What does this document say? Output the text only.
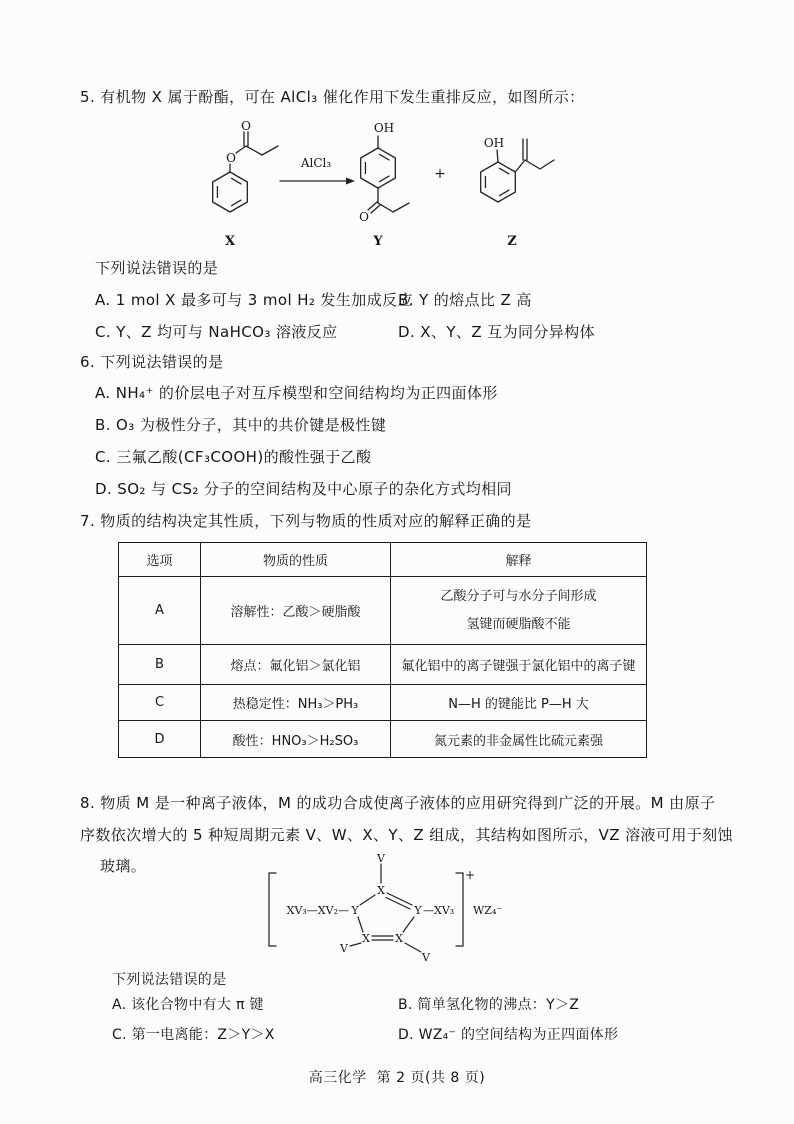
5. 有机物 X 属于酚酯，可在 AlCl₃ 催化作用下发生重排反应，如图所示：
AlCl₃
+
O
O	OH
O
OH
X	Y	Z
下列说法错误的是
A. 1 mol X 最多可与 3 mol H₂ 发生加成反应
B. Y 的熔点比 Z 高
C. Y、Z 均可与 NaHCO₃ 溶液反应	D. X、Y、Z 互为同分异构体
6. 下列说法错误的是
A. NH₄⁺ 的价层电子对互斥模型和空间结构均为正四面体形
B. O₃ 为极性分子，其中的共价键是极性键
C. 三氟乙酸(CF₃COOH)的酸性强于乙酸
D. SO₂ 与 CS₂ 分子的空间结构及中心原子的杂化方式均相同
7. 物质的结构决定其性质，下列与物质的性质对应的解释正确的是
选项	物质的性质	解释
A	溶解性：乙酸＞硬脂酸	乙酸分子可与水分子间形成
氢键而硬脂酸不能

B	熔点：氟化铝＞氯化铝	氟化铝中的离子键强于氯化铝中的离子键
C	热稳定性：NH₃＞PH₃	N—H 的键能比 P—H 大
D	酸性：HNO₃＞H₂SO₃	氮元素的非金属性比硫元素强
8. 物质 M 是一种离子液体，M 的成功合成使离子液体的应用研究得到广泛的开展。M 由原子
序数依次增大的 5 种短周期元素 V、W、X、Y、Z 组成，其结构如图所示，VZ 溶液可用于刻蚀
玻璃。
XV₃—XV₂—	—XV₃
+
WZ₄⁻
V
X
Y	Y
X X
V
V
下列说法错误的是
A. 该化合物中有大 π 键	B. 简单氢化物的沸点：Y＞Z
C. 第一电离能：Z＞Y＞X	D. WZ₄⁻ 的空间结构为正四面体形
高三化学  第 2 页(共 8 页)
